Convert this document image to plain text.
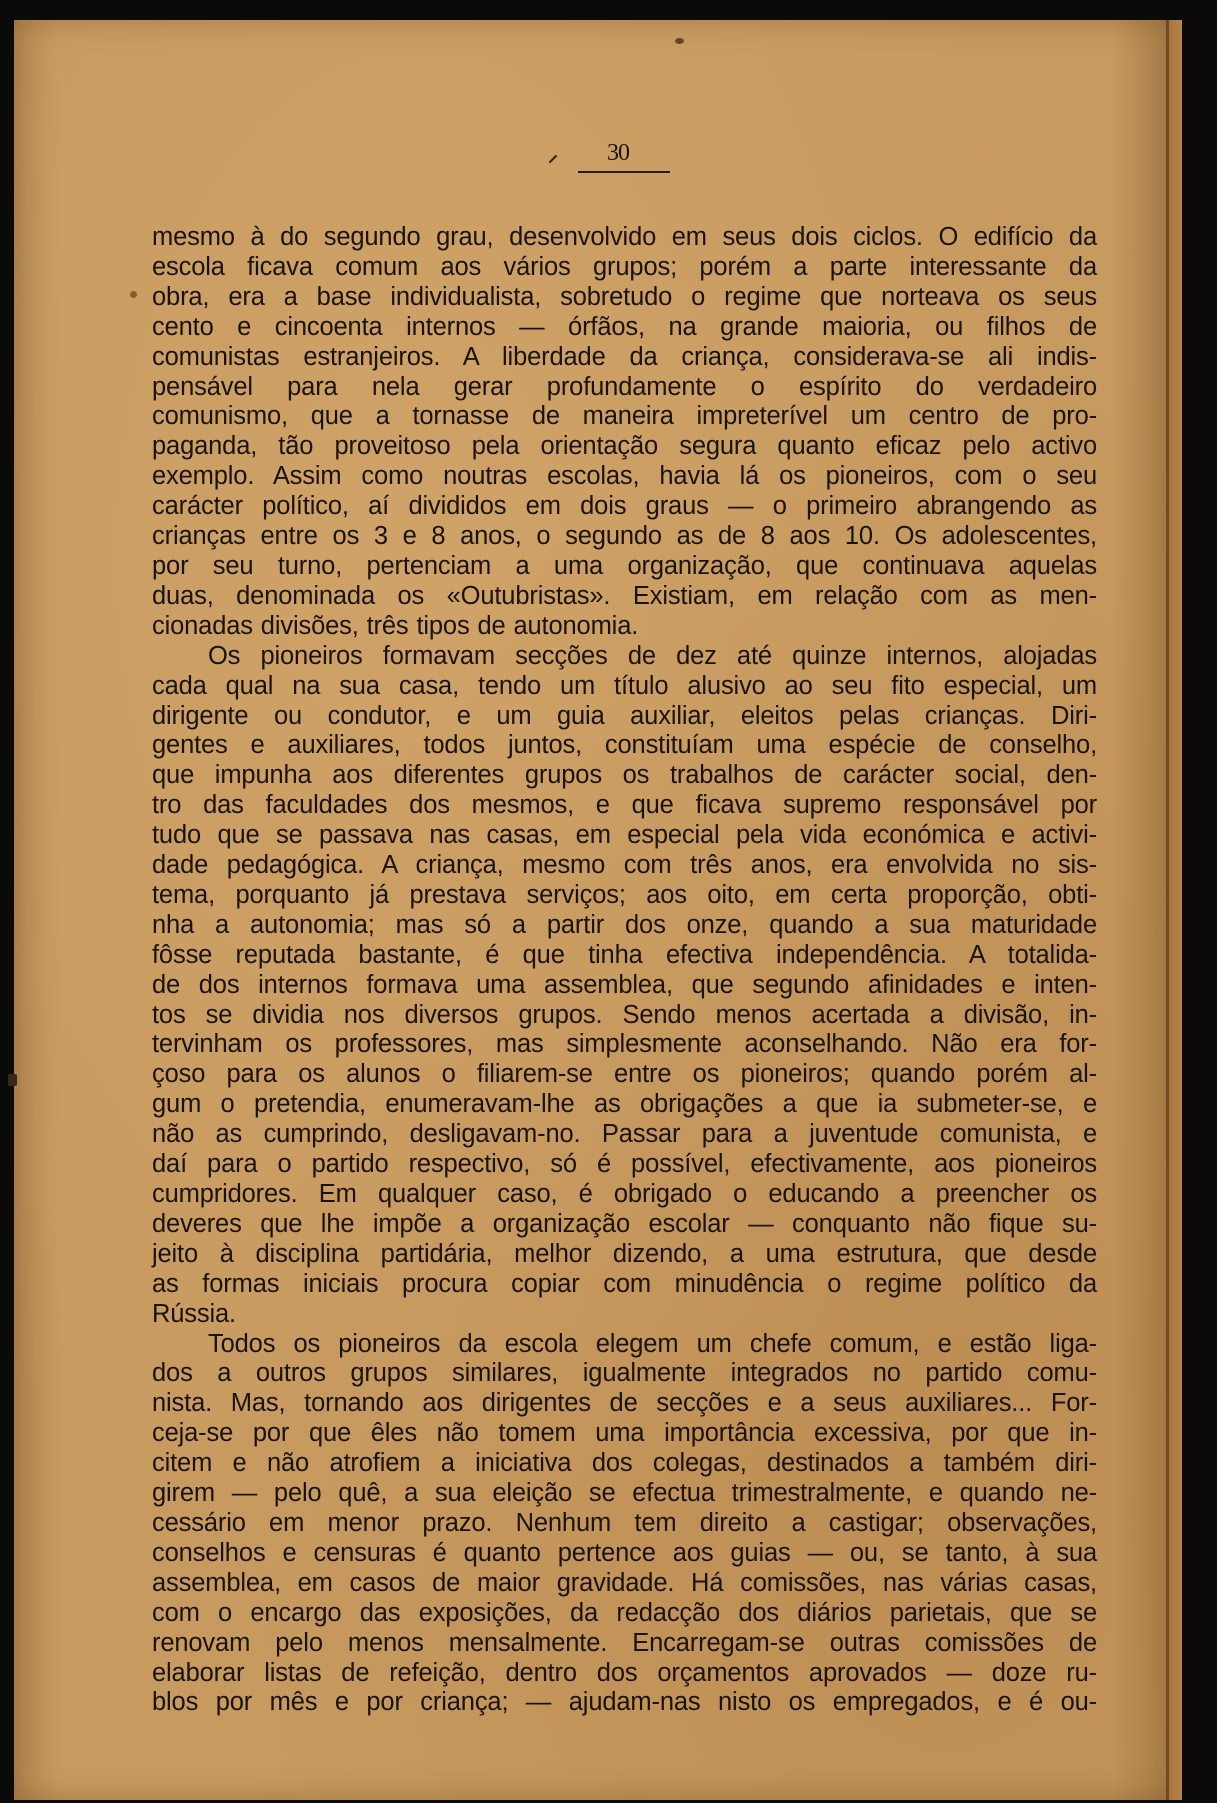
30
mesmo à do segundo grau, desenvolvido em seus dois ciclos. O edifício da
escola ficava comum aos vários grupos; porém a parte interessante da
obra, era a base individualista, sobretudo o regime que norteava os seus
cento e cincoenta internos — órfãos, na grande maioria, ou filhos de
comunistas estranjeiros. A liberdade da criança, considerava-se ali indis-
pensável para nela gerar profundamente o espírito do verdadeiro
comunismo, que a tornasse de maneira impreterível um centro de pro-
paganda, tão proveitoso pela orientação segura quanto eficaz pelo activo
exemplo. Assim como noutras escolas, havia lá os pioneiros, com o seu
carácter político, aí divididos em dois graus — o primeiro abrangendo as
crianças entre os 3 e 8 anos, o segundo as de 8 aos 10. Os adolescentes,
por seu turno, pertenciam a uma organização, que continuava aquelas
duas, denominada os «Outubristas». Existiam, em relação com as men-
cionadas divisões, três tipos de autonomia.
Os pioneiros formavam secções de dez até quinze internos, alojadas
cada qual na sua casa, tendo um título alusivo ao seu fito especial, um
dirigente ou condutor, e um guia auxiliar, eleitos pelas crianças. Diri-
gentes e auxiliares, todos juntos, constituíam uma espécie de conselho,
que impunha aos diferentes grupos os trabalhos de carácter social, den-
tro das faculdades dos mesmos, e que ficava supremo responsável por
tudo que se passava nas casas, em especial pela vida económica e activi-
dade pedagógica. A criança, mesmo com três anos, era envolvida no sis-
tema, porquanto já prestava serviços; aos oito, em certa proporção, obti-
nha a autonomia; mas só a partir dos onze, quando a sua maturidade
fôsse reputada bastante, é que tinha efectiva independência. A totalida-
de dos internos formava uma assemblea, que segundo afinidades e inten-
tos se dividia nos diversos grupos. Sendo menos acertada a divisão, in-
tervinham os professores, mas simplesmente aconselhando. Não era for-
çoso para os alunos o filiarem-se entre os pioneiros; quando porém al-
gum o pretendia, enumeravam-lhe as obrigações a que ia submeter-se, e
não as cumprindo, desligavam-no. Passar para a juventude comunista, e
daí para o partido respectivo, só é possível, efectivamente, aos pioneiros
cumpridores. Em qualquer caso, é obrigado o educando a preencher os
deveres que lhe impõe a organização escolar — conquanto não fique su-
jeito à disciplina partidária, melhor dizendo, a uma estrutura, que desde
as formas iniciais procura copiar com minudência o regime político da
Rússia.
Todos os pioneiros da escola elegem um chefe comum, e estão liga-
dos a outros grupos similares, igualmente integrados no partido comu-
nista. Mas, tornando aos dirigentes de secções e a seus auxiliares... For-
ceja-se por que êles não tomem uma importância excessiva, por que in-
citem e não atrofiem a iniciativa dos colegas, destinados a também diri-
girem — pelo quê, a sua eleição se efectua trimestralmente, e quando ne-
cessário em menor prazo. Nenhum tem direito a castigar; observações,
conselhos e censuras é quanto pertence aos guias — ou, se tanto, à sua
assemblea, em casos de maior gravidade. Há comissões, nas várias casas,
com o encargo das exposições, da redacção dos diários parietais, que se
renovam pelo menos mensalmente. Encarregam-se outras comissões de
elaborar listas de refeição, dentro dos orçamentos aprovados — doze ru-
blos por mês e por criança; — ajudam-nas nisto os empregados, e é ou-
